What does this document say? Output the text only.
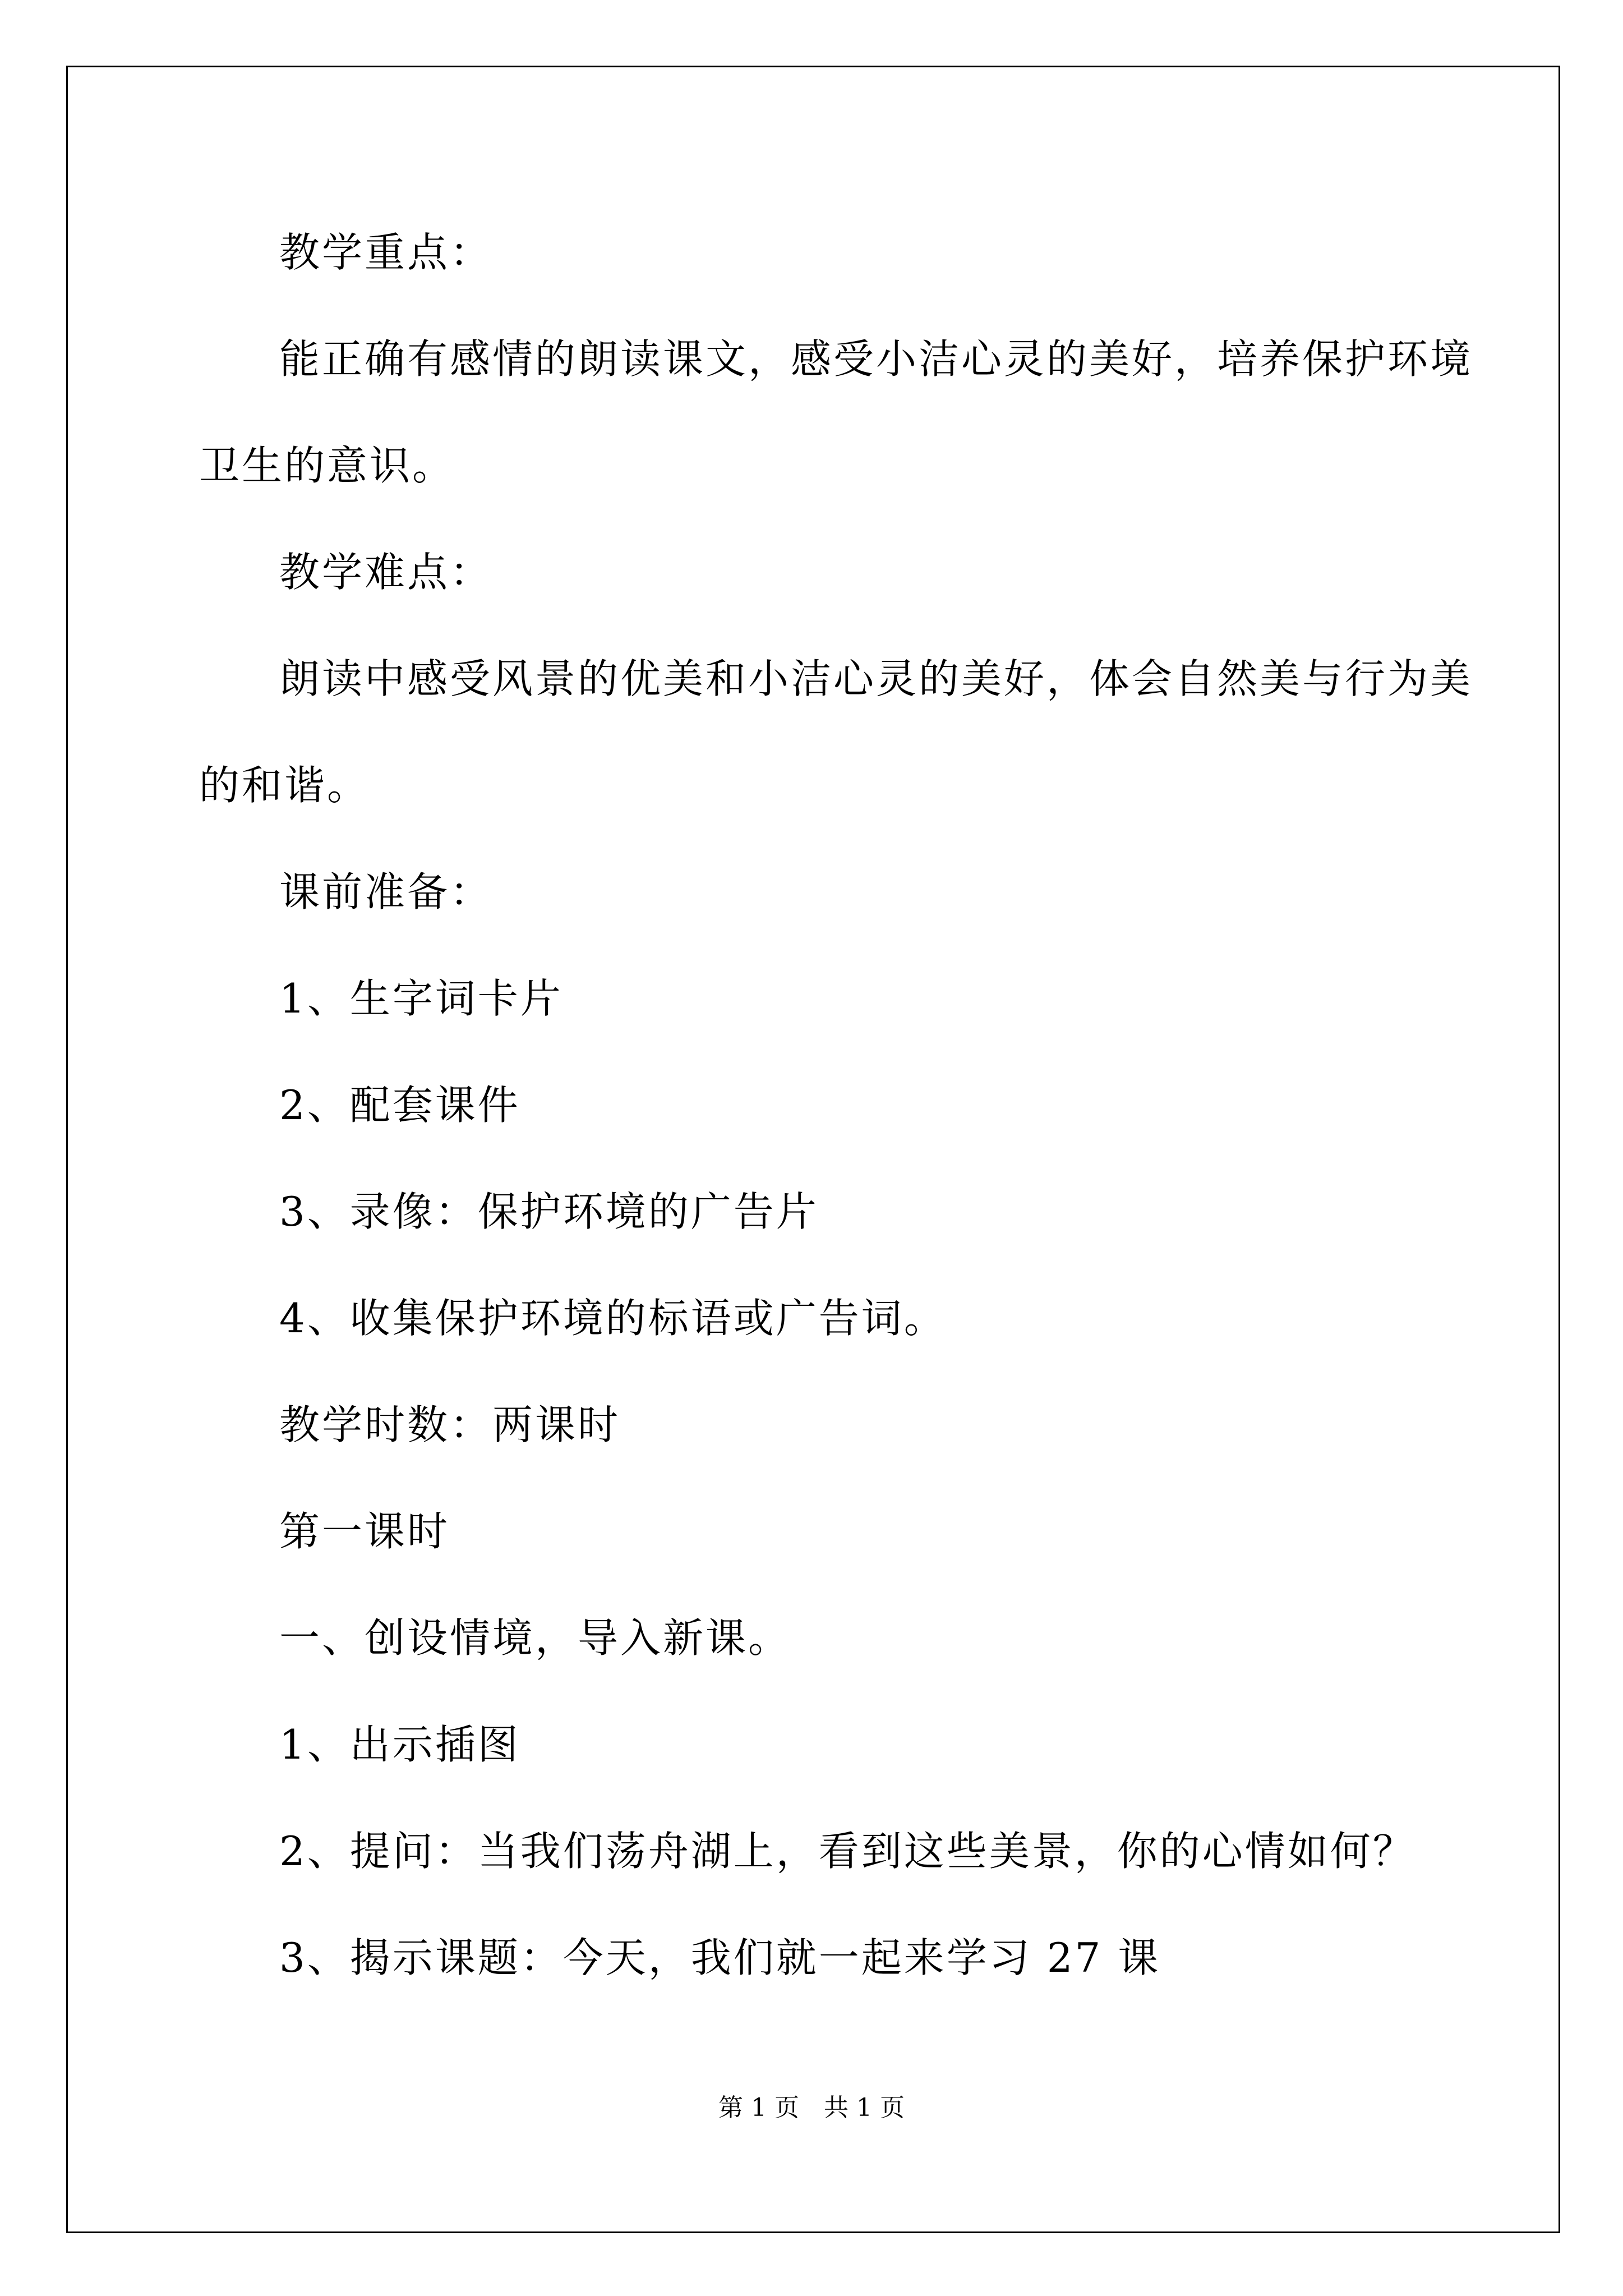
教学重点：
能正确有感情的朗读课文，感受小洁心灵的美好，培养保护环境
卫生的意识。
教学难点：
朗读中感受风景的优美和小洁心灵的美好，体会自然美与行为美
的和谐。
课前准备：
1、生字词卡片
2、配套课件
3、录像：保护环境的广告片
4、收集保护环境的标语或广告词。
教学时数：两课时
第一课时
一、创设情境，导入新课。
1、出示插图
2、提问：当我们荡舟湖上，看到这些美景，你的心情如何？
3、揭示课题：今天，我们就一起来学习 27 课
第 1 页　共 1 页
